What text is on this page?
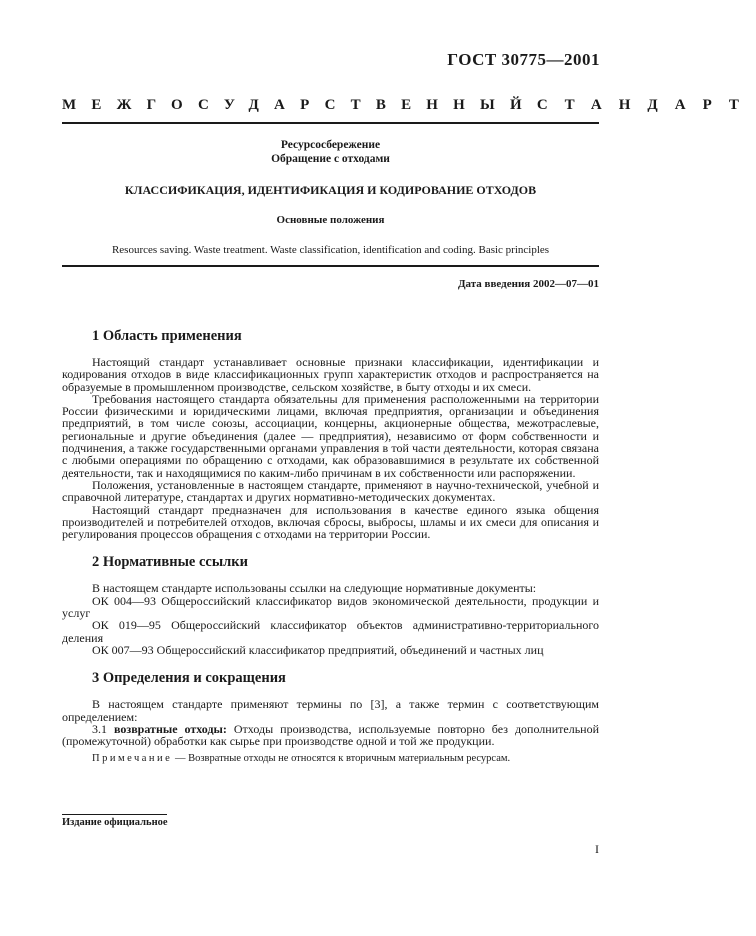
ГОСТ 30775—2001
МЕЖГОСУДАРСТВЕННЫЙ СТАНДАРТ
Ресурсосбережение
Обращение с отходами
КЛАССИФИКАЦИЯ, ИДЕНТИФИКАЦИЯ И КОДИРОВАНИЕ ОТХОДОВ
Основные положения
Resources saving. Waste treatment. Waste classification, identification and coding. Basic principles
Дата введения 2002—07—01
1 Область применения

Настоящий стандарт устанавливает основные признаки классификации, идентификации и кодирования отходов в виде классификационных групп характеристик отходов и распространяется на образуемые в промышленном производстве, сельском хозяйстве, в быту отходы и их смеси.

Требования настоящего стандарта обязательны для применения расположенными на территории России физическими и юридическими лицами, включая предприятия, организации и объединения предприятий, в том числе союзы, ассоциации, концерны, акционерные общества, межотраслевые, региональные и другие объединения (далее — предприятия), независимо от форм собственности и подчинения, а также государственными органами управления в той части деятельности, которая связана с любыми операциями по обращению с отходами, как образовавшимися в результате их собственной деятельности, так и находящимися по каким-либо причинам в их собственности или распоряжении.

Положения, установленные в настоящем стандарте, применяют в научно-технической, учебной и справочной литературе, стандартах и других нормативно-методических документах.

Настоящий стандарт предназначен для использования в качестве единого языка общения производителей и потребителей отходов, включая сбросы, выбросы, шламы и их смеси для описания и регулирования процессов обращения с отходами на территории России.

2 Нормативные ссылки

В настоящем стандарте использованы ссылки на следующие нормативные документы:

ОК 004—93 Общероссийский классификатор видов экономической деятельности, продукции и услуг

ОК 019—95 Общероссийский классификатор объектов административно-территориального деления

ОК 007—93 Общероссийский классификатор предприятий, объединений и частных лиц

3 Определения и сокращения

В настоящем стандарте применяют термины по [3], а также термин с соответствующим определением:

3.1 возвратные отходы: Отходы производства, используемые повторно без дополнительной (промежуточной) обработки как сырье при производстве одной и той же продукции.

Примечание — Возвратные отходы не относятся к вторичным материальным ресурсам.

Издание официальное
I
